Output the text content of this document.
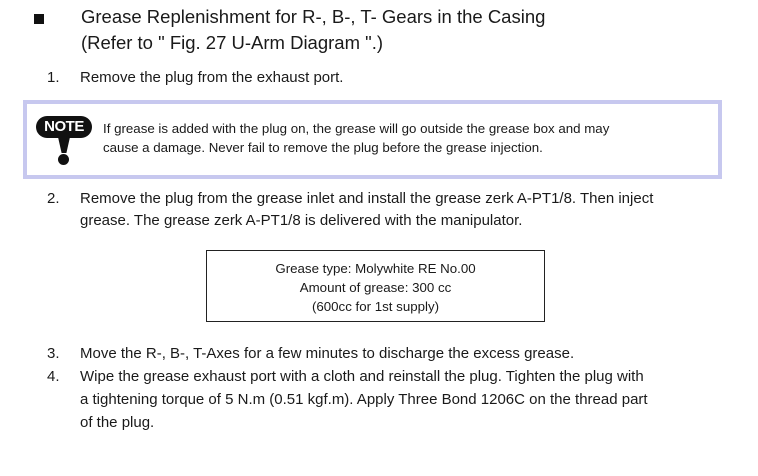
Grease Replenishment for R-, B-, T- Gears in the Casing
(Refer to " Fig. 27 U-Arm Diagram ".)
1. Remove the plug from the exhaust port.
NOTE	If grease is added with the plug on, the grease will go outside the grease box and may
cause a damage. Never fail to remove the plug before the grease injection.
2. Remove the plug from the grease inlet and install the grease zerk A-PT1/8. Then inject
grease. The grease zerk A-PT1/8 is delivered with the manipulator.
Grease type: Molywhite RE No.00
Amount of grease: 300 cc
(600cc for 1st supply)
3. Move the R-, B-, T-Axes for a few minutes to discharge the excess grease.
4. Wipe the grease exhaust port with a cloth and reinstall the plug. Tighten the plug with
a tightening torque of 5 N.m (0.51 kgf.m). Apply Three Bond 1206C on the thread part
of the plug.
